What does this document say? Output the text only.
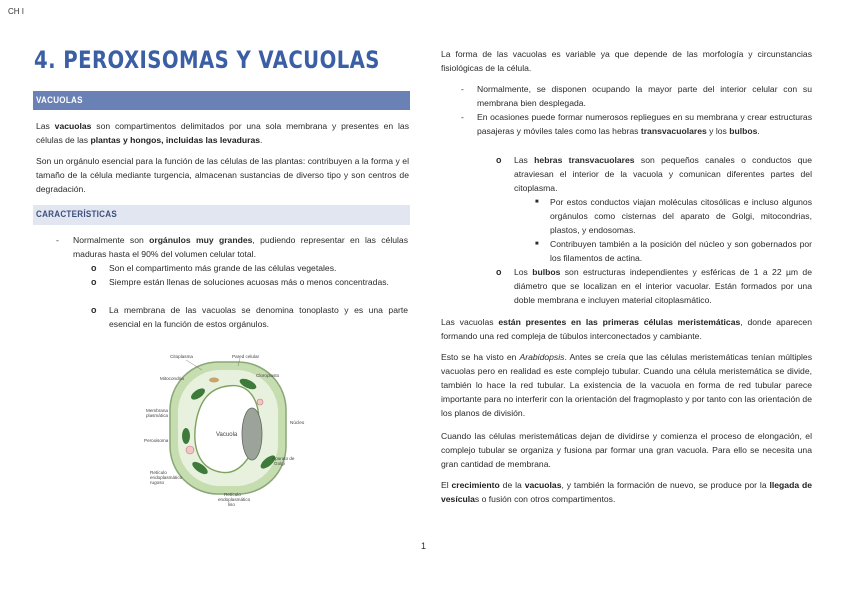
CH I
4. PEROXISOMAS Y VACUOLAS
VACUOLAS

Las vacuolas son compartimentos delimitados por una sola membrana y presentes en las células de las plantas y hongos, incluidas las levaduras.

Son un orgánulo esencial para la función de las células de las plantas: contribuyen a la forma y el tamaño de la célula mediante turgencia, almacenan sustancias de diverso tipo y son centros de degradación.

CARACTERÍSTICAS
- Normalmente son orgánulos muy grandes, pudiendo representar en las células maduras hasta el 90% del volumen celular total.

o Son el compartimento más grande de las células vegetales.

o Siempre están llenas de soluciones acuosas más o menos concentradas.

o La membrana de las vacuolas se denomina tonoplasto y es una parte esencial en la función de estos orgánulos.

Citoplasma	Pared celular
Mitocondria
Cloroplasto
Membrana
plasmática
Vacuola
Núcleo
Peroxisoma
Aparato de
Golgi
Retículo
endoplasmático
rugoso
Retículo
endoplasmático
liso

La forma de las vacuolas es variable ya que depende de las morfología y circunstancias fisiológicas de la célula.

- Normalmente, se disponen ocupando la mayor parte del interior celular con su membrana bien desplegada.

- En ocasiones puede formar numerosos repliegues en su membrana y crear estructuras pasajeras y móviles tales como las hebras transvacuolares y los bulbos.

o Las hebras transvacuolares son pequeños canales o conductos que atraviesan el interior de la vacuola y comunican diferentes partes del citoplasma.

■ Por estos conductos viajan moléculas citosólicas e incluso algunos orgánulos como cisternas del aparato de Golgi, mitocondrias, plastos, y endosomas.

■ Contribuyen también a la posición del núcleo y son gobernados por los filamentos de actina.

o Los bulbos son estructuras independientes y esféricas de 1 a 22 µm de diámetro que se localizan en el interior vacuolar. Están formados por una doble membrana e incluyen material citoplasmático.

Las vacuolas están presentes en las primeras células meristemáticas, donde aparecen formando una red compleja de túbulos interconectados y cambiante.

Esto se ha visto en Arabidopsis. Antes se creía que las células meristemáticas tenían múltiples vacuolas pero en realidad es este complejo tubular. Cuando una célula meristemática se divide, también lo hace la red tubular. La existencia de la vacuola en forma de red tubular parece importante para no interferir con la orientación del fragmoplasto y por tanto con las orientación de los planos de división.

Cuando las células meristemáticas dejan de dividirse y comienza el proceso de elongación, el complejo tubular se organiza y fusiona par formar una gran vacuola. Para ello se necesita una gran cantidad de membrana.

El crecimiento de la vacuolas, y también la formación de nuevo, se produce por la llegada de vesículas o fusión con otros compartimentos.

1
